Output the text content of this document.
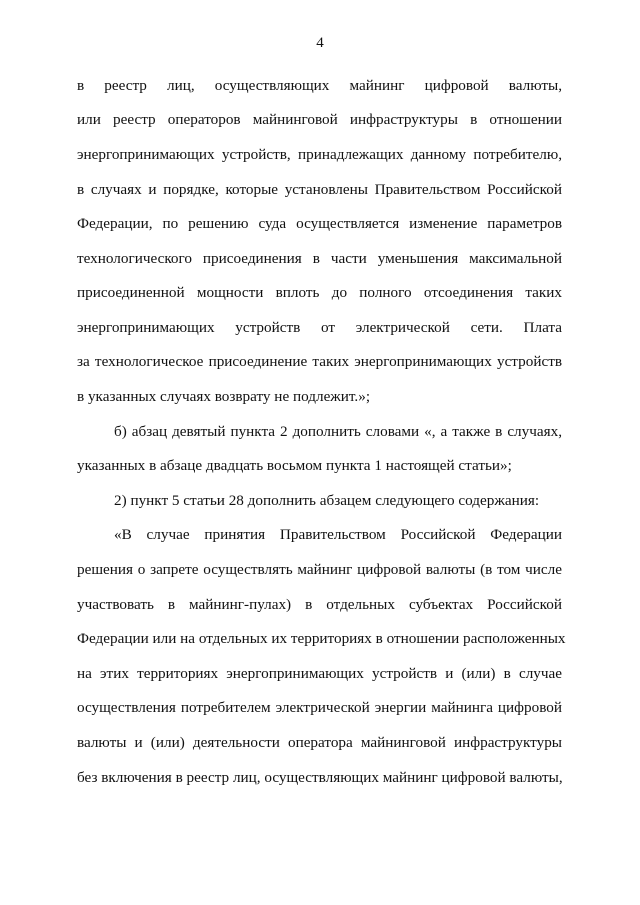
4
в реестр лиц, осуществляющих майнинг цифровой валюты,
или реестр операторов майнинговой инфраструктуры в отношении
энергопринимающих устройств, принадлежащих данному потребителю,
в случаях и порядке, которые установлены Правительством Российской
Федерации, по решению суда осуществляется изменение параметров
технологического присоединения в части уменьшения максимальной
присоединенной мощности вплоть до полного отсоединения таких
энергопринимающих устройств от электрической сети. Плата
за технологическое присоединение таких энергопринимающих устройств
в указанных случаях возврату не подлежит.»;
б) абзац девятый пункта 2 дополнить словами «, а также в случаях,
указанных в абзаце двадцать восьмом пункта 1 настоящей статьи»;
2) пункт 5 статьи 28 дополнить абзацем следующего содержания:
«В случае принятия Правительством Российской Федерации
решения о запрете осуществлять майнинг цифровой валюты (в том числе
участвовать в майнинг-пулах) в отдельных субъектах Российской
Федерации или на отдельных их территориях в отношении расположенных
на этих территориях энергопринимающих устройств и (или) в случае
осуществления потребителем электрической энергии майнинга цифровой
валюты и (или) деятельности оператора майнинговой инфраструктуры
без включения в реестр лиц, осуществляющих майнинг цифровой валюты,
